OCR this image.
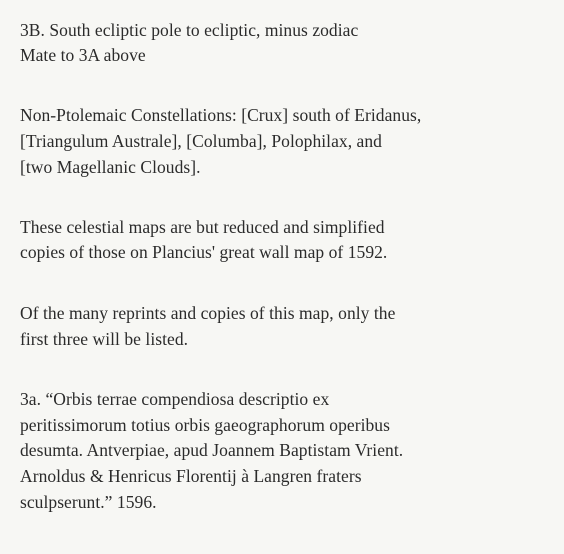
3B. South ecliptic pole to ecliptic, minus zodiac
Mate to 3A above
Non-Ptolemaic Constellations: [Crux] south of Eridanus,
[Triangulum Australe], [Columba], Polophilax, and
[two Magellanic Clouds].
These celestial maps are but reduced and simplified
copies of those on Plancius' great wall map of 1592.
Of the many reprints and copies of this map, only the
first three will be listed.
3a. “Orbis terrae compendiosa descriptio ex
peritissimorum totius orbis gaeographorum operibus
desumta. Antverpiae, apud Joannem Baptistam Vrient.
Arnoldus & Henricus Florentij à Langren fraters
sculpserunt.” 1596.
